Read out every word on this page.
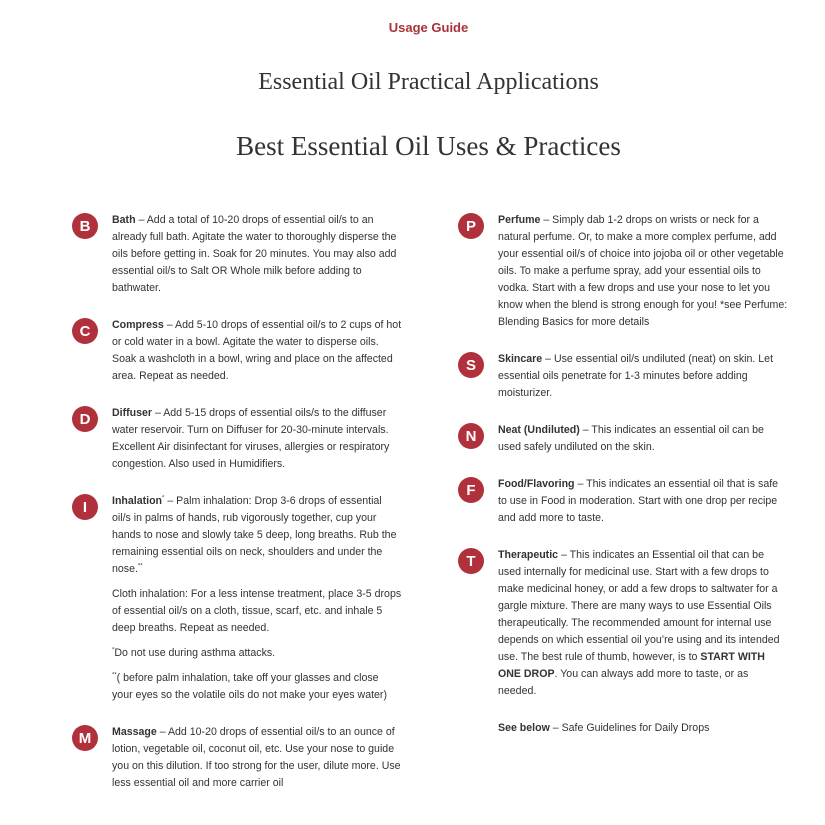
Usage Guide
Essential Oil Practical Applications
Best Essential Oil Uses & Practices
B	Bath – Add a total of 10-20 drops of essential oil/s to an already full bath. Agitate the water to thoroughly disperse the oils before getting in. Soak for 20 minutes. You may also add essential oil/s to Salt OR Whole milk before adding to bathwater.

C	Compress – Add 5-10 drops of essential oil/s to 2 cups of hot or cold water in a bowl. Agitate the water to disperse oils. Soak a washcloth in a bowl, wring and place on the affected area. Repeat as needed.

D	Diffuser – Add 5-15 drops of essential oils/s to the diffuser water reservoir. Turn on Diffuser for 20-30-minute intervals. Excellent Air disinfectant for viruses, allergies or respiratory congestion. Also used in Humidifiers.

I	Inhalation* – Palm inhalation: Drop 3-6 drops of essential oil/s in palms of hands, rub vigorously together, cup your hands to nose and slowly take 5 deep, long breaths. Rub the remaining essential oils on neck, shoulders and under the nose.**

Cloth inhalation: For a less intense treatment, place 3-5 drops of essential oil/s on a cloth, tissue, scarf, etc. and inhale 5 deep breaths. Repeat as needed.

*Do not use during asthma attacks.

**( before palm inhalation, take off your glasses and close your eyes so the volatile oils do not make your eyes water)

M	Massage – Add 10-20 drops of essential oil/s to an ounce of lotion, vegetable oil, coconut oil, etc. Use your nose to guide you on this dilution. If too strong for the user, dilute more. Use less essential oil and more carrier oil

P	Perfume – Simply dab 1-2 drops on wrists or neck for a natural perfume. Or, to make a more complex perfume, add your essential oil/s of choice into jojoba oil or other vegetable oils. To make a perfume spray, add your essential oils to vodka. Start with a few drops and use your nose to let you know when the blend is strong enough for you! *see Perfume: Blending Basics for more details

S	Skincare – Use essential oil/s undiluted (neat) on skin. Let essential oils penetrate for 1-3 minutes before adding moisturizer.

N	Neat (Undiluted) – This indicates an essential oil can be used safely undiluted on the skin.

F	Food/Flavoring – This indicates an essential oil that is safe to use in Food in moderation. Start with one drop per recipe and add more to taste.

T	Therapeutic – This indicates an Essential oil that can be used internally for medicinal use. Start with a few drops to make medicinal honey, or add a few drops to saltwater for a gargle mixture. There are many ways to use Essential Oils therapeutically. The recommended amount for internal use depends on which essential oil you’re using and its intended use. The best rule of thumb, however, is to START WITH ONE DROP. You can always add more to taste, or as needed.

See below – Safe Guidelines for Daily Drops
